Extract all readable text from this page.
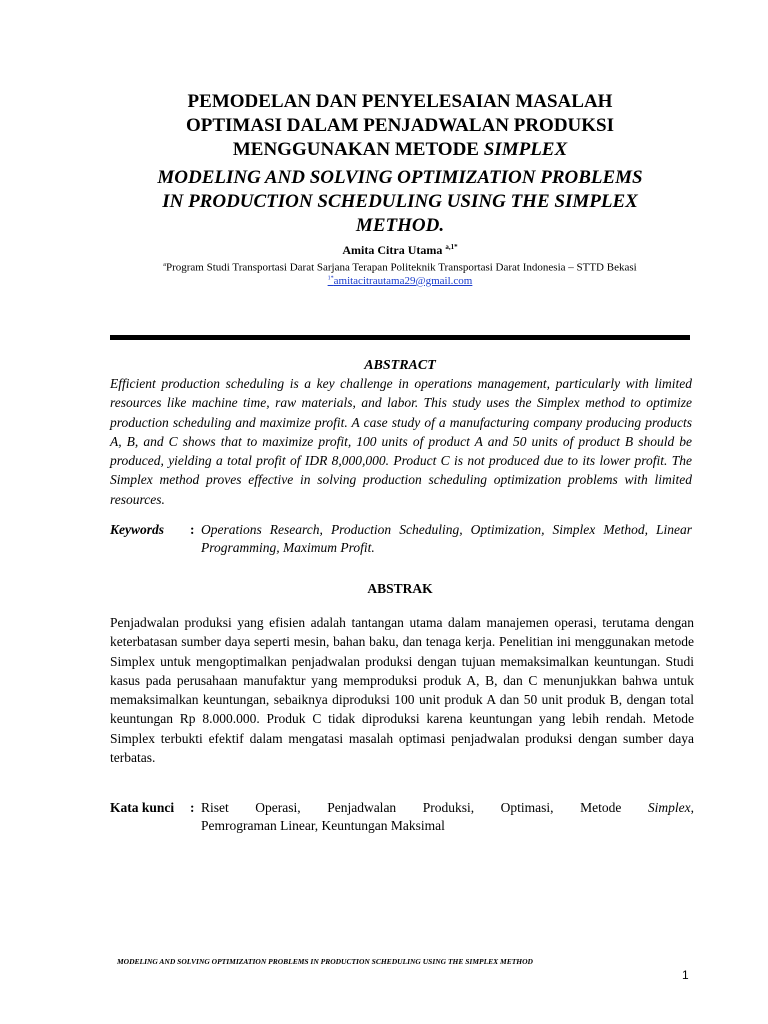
PEMODELAN DAN PENYELESAIAN MASALAH
OPTIMASI DALAM PENJADWALAN PRODUKSI
MENGGUNAKAN METODE SIMPLEX
MODELING AND SOLVING OPTIMIZATION PROBLEMS
IN PRODUCTION SCHEDULING USING THE SIMPLEX
METHOD.
Amita Citra Utama $^{a,1*}$
$^a$Program Studi Transportasi Darat Sarjana Terapan Politeknik Transportasi Darat Indonesia – STTD Bekasi
$^{1*}$amitacitrautama29@gmail.com
ABSTRACT
Efficient production scheduling is a key challenge in operations management, particularly with limited resources like machine time, raw materials, and labor. This study uses the Simplex method to optimize production scheduling and maximize profit. A case study of a manufacturing company producing products A, B, and C shows that to maximize profit, 100 units of product A and 50 units of product B should be produced, yielding a total profit of IDR 8,000,000. Product C is not produced due to its lower profit. The Simplex method proves effective in solving production scheduling optimization problems with limited resources.
Keywords	: Operations Research, Production Scheduling, Optimization, Simplex Method, Linear Programming, Maximum Profit.
ABSTRAK
Penjadwalan produksi yang efisien adalah tantangan utama dalam manajemen operasi, terutama dengan keterbatasan sumber daya seperti mesin, bahan baku, dan tenaga kerja. Penelitian ini menggunakan metode Simplex untuk mengoptimalkan penjadwalan produksi dengan tujuan memaksimalkan keuntungan. Studi kasus pada perusahaan manufaktur yang memproduksi produk A, B, dan C menunjukkan bahwa untuk memaksimalkan keuntungan, sebaiknya diproduksi 100 unit produk A dan 50 unit produk B, dengan total keuntungan Rp 8.000.000. Produk C tidak diproduksi karena keuntungan yang lebih rendah. Metode Simplex terbukti efektif dalam mengatasi masalah optimasi penjadwalan produksi dengan sumber daya terbatas.
Kata kunci	: Riset Operasi, Penjadwalan Produksi, Optimasi, Metode Simplex,
Pemrograman Linear, Keuntungan Maksimal
MODELING AND SOLVING OPTIMIZATION PROBLEMS IN PRODUCTION SCHEDULING USING THE SIMPLEX METHOD
1
